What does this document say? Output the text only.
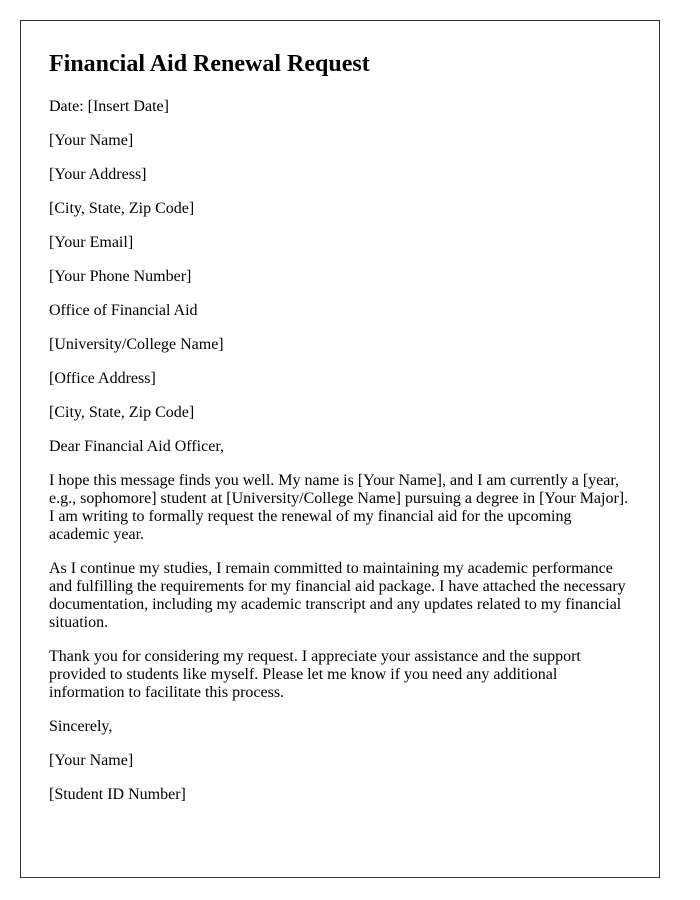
Financial Aid Renewal Request
Date: [Insert Date]
[Your Name]
[Your Address]
[City, State, Zip Code]
[Your Email]
[Your Phone Number]
Office of Financial Aid
[University/College Name]
[Office Address]
[City, State, Zip Code]
Dear Financial Aid Officer,
I hope this message finds you well. My name is [Your Name], and I am currently a [year, e.g., sophomore] student at [University/College Name] pursuing a degree in [Your Major]. I am writing to formally request the renewal of my financial aid for the upcoming academic year.
As I continue my studies, I remain committed to maintaining my academic performance and fulfilling the requirements for my financial aid package. I have attached the necessary documentation, including my academic transcript and any updates related to my financial situation.
Thank you for considering my request. I appreciate your assistance and the support provided to students like myself. Please let me know if you need any additional information to facilitate this process.
Sincerely,
[Your Name]
[Student ID Number]
